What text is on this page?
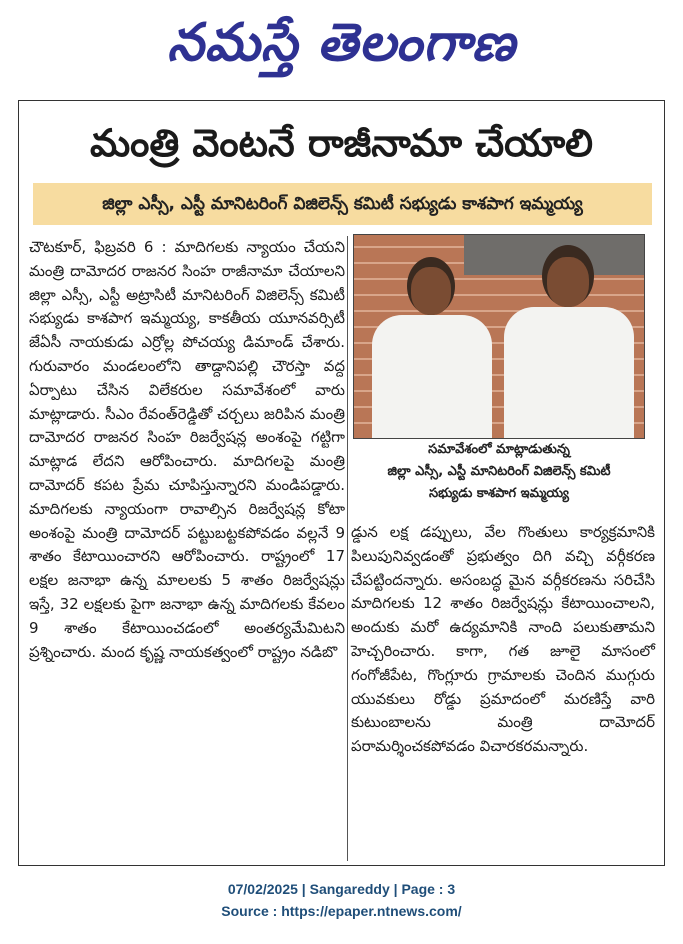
నమస్తే తెలంగాణ
మంత్రి వెంటనే రాజీనామా చేయాలి
జిల్లా ఎస్సీ, ఎస్టీ మానిటరింగ్ విజిలెన్స్ కమిటీ సభ్యుడు కాశపాగ ఇమ్మయ్య
చౌటకూర్, ఫిబ్రవరి 6 : మాదిగలకు న్యాయం చేయని మంత్రి దామోదర రాజనర సింహ రాజీనామా చేయాలని జిల్లా ఎస్సీ, ఎస్టీ అట్రాసిటీ మానిటరింగ్ విజిలెన్స్ కమిటీ సభ్యుడు కాశపాగ ఇమ్మయ్య, కాకతీయ యూనవర్సిటీ జేఏసీ నాయకుడు ఎర్రోల్ల పోచయ్య డిమాండ్ చేశారు. గురువారం మండలంలోని తాడ్దానిపల్లి చౌరస్తా వద్ద ఏర్పాటు చేసిన విలేకరుల సమావేశంలో వారు మాట్లాడారు. సీఎం రేవంత్‌రెడ్డితో చర్చలు జరిపిన మంత్రి దామోదర రాజనర సింహ రిజర్వేషన్ల అంశంపై గట్టిగా మాట్లాడ లేదని ఆరోపించారు. మాదిగలపై మంత్రి దామోదర్ కపట ప్రేమ చూపిస్తున్నారని మండిపడ్డారు. మాదిగలకు న్యాయంగా రావాల్సిన రిజర్వేషన్ల కోటా అంశంపై మంత్రి దామోదర్ పట్టుబట్టకపోవడం వల్లనే 9 శాతం కేటాయించారని ఆరోపించారు. రాష్ట్రంలో 17 లక్షల జనాభా ఉన్న మాలలకు 5 శాతం రిజర్వేషన్లు ఇస్తే, 32 లక్షలకు పైగా జనాభా ఉన్న మాదిగలకు కేవలం 9 శాతం కేటాయించడంలో అంతర్యమేమిటని ప్రశ్నించారు. మంద కృష్ణ నాయకత్వంలో రాష్ట్రం నడిబొ
సమావేశంలో మాట్లాడుతున్న
జిల్లా ఎస్సీ, ఎస్టీ మానిటరింగ్ విజిలెన్స్ కమిటీ
సభ్యుడు కాశపాగ ఇమ్మయ్య
డ్డున లక్ష డప్పులు, వేల గొంతులు కార్యక్రమానికి పిలుపునివ్వడంతో ప్రభుత్వం దిగి వచ్చి వర్గీకరణ చేపట్టిందన్నారు. అసంబద్ధ మైన వర్గీకరణను సరిచేసి మాదిగలకు 12 శాతం రిజర్వేషన్లు కేటాయించాలని, అందుకు మరో ఉద్యమానికి నాంది పలుకుతామని హెచ్చరించారు. కాగా, గత జూలై మాసంలో గంగోజీపేట, గొంగ్లూరు గ్రామాలకు చెందిన ముగ్గురు యువకులు రోడ్డు ప్రమాదంలో మరణిస్తే వారి కుటుంబాలను మంత్రి దామోదర్ పరామర్శించకపోవడం విచారకరమన్నారు.
07/02/2025 | Sangareddy | Page : 3
Source : https://epaper.ntnews.com/
